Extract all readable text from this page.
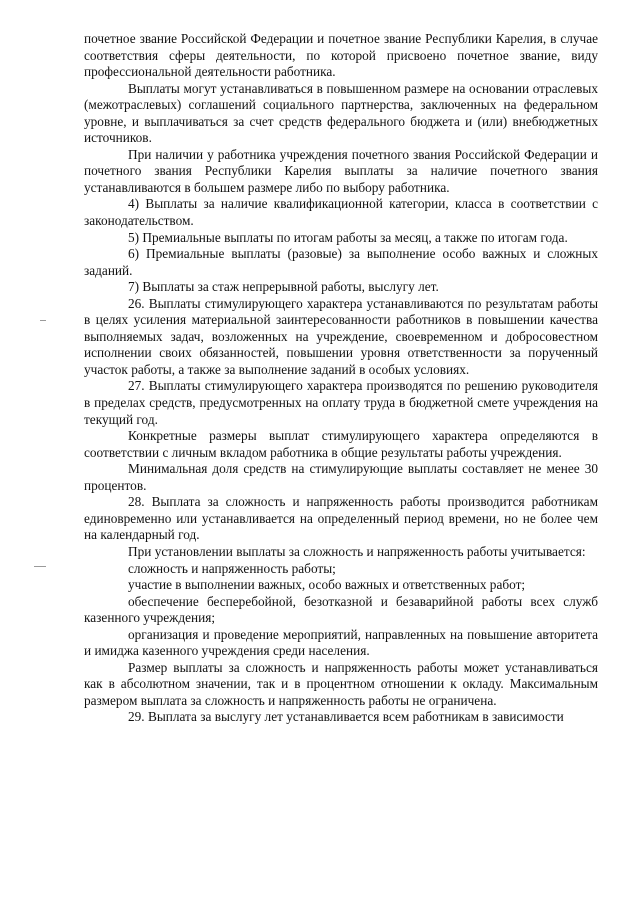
почетное звание Российской Федерации и почетное звание Республики Карелия, в случае соответствия сферы деятельности, по которой присвоено почетное звание, виду профессиональной деятельности работника.

Выплаты могут устанавливаться в повышенном размере на основании отраслевых (межотраслевых) соглашений социального партнерства, заключенных на федеральном уровне, и выплачиваться за счет средств федерального бюджета и (или) внебюджетных источников.

При наличии у работника учреждения почетного звания Российской Федерации и почетного звания Республики Карелия выплаты за наличие почетного звания устанавливаются в большем размере либо по выбору работника.

4) Выплаты за наличие квалификационной категории, класса в соответствии с законодательством.

5) Премиальные выплаты по итогам работы за месяц, а также по итогам года.

6) Премиальные выплаты (разовые) за выполнение особо важных и сложных заданий.

7) Выплаты за стаж непрерывной работы, выслугу лет.

26. Выплаты стимулирующего характера устанавливаются по результатам работы в целях усиления материальной заинтересованности работников в повышении качества выполняемых задач, возложенных на учреждение, своевременном и добросовестном исполнении своих обязанностей, повышении уровня ответственности за порученный участок работы, а также за выполнение заданий в особых условиях.

27. Выплаты стимулирующего характера производятся по решению руководителя в пределах средств, предусмотренных на оплату труда в бюджетной смете учреждения на текущий год.

Конкретные размеры выплат стимулирующего характера определяются в соответствии с личным вкладом работника в общие результаты работы учреждения.

Минимальная доля средств на стимулирующие выплаты составляет не менее 30 процентов.

28. Выплата за сложность и напряженность работы производится работникам единовременно или устанавливается на определенный период времени, но не более чем на календарный год.

При установлении выплаты за сложность и напряженность работы учитывается:

сложность и напряженность работы;

участие в выполнении важных, особо важных и ответственных работ;

обеспечение бесперебойной, безотказной и безаварийной работы всех служб казенного учреждения;

организация и проведение мероприятий, направленных на повышение авторитета и имиджа казенного учреждения среди населения.

Размер выплаты за сложность и напряженность работы может устанавливаться как в абсолютном значении, так и в процентном отношении к окладу. Максимальным размером выплата за сложность и напряженность работы не ограничена.

29. Выплата за выслугу лет устанавливается всем работникам в зависимости
